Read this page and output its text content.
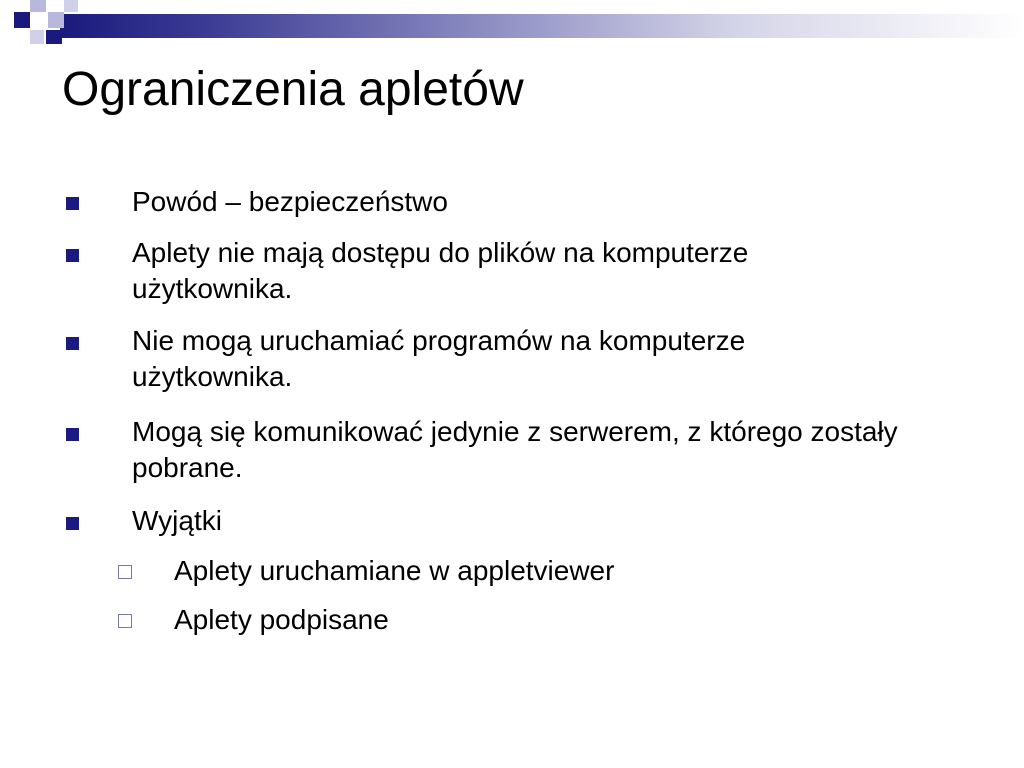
Ograniczenia apletów
Powód – bezpieczeństwo
Aplety nie mają dostępu do plików na komputerze użytkownika.
Nie mogą uruchamiać programów na komputerze użytkownika.
Mogą się komunikować jedynie z serwerem, z którego zostały pobrane.
Wyjątki
Aplety uruchamiane w appletviewer
Aplety podpisane
